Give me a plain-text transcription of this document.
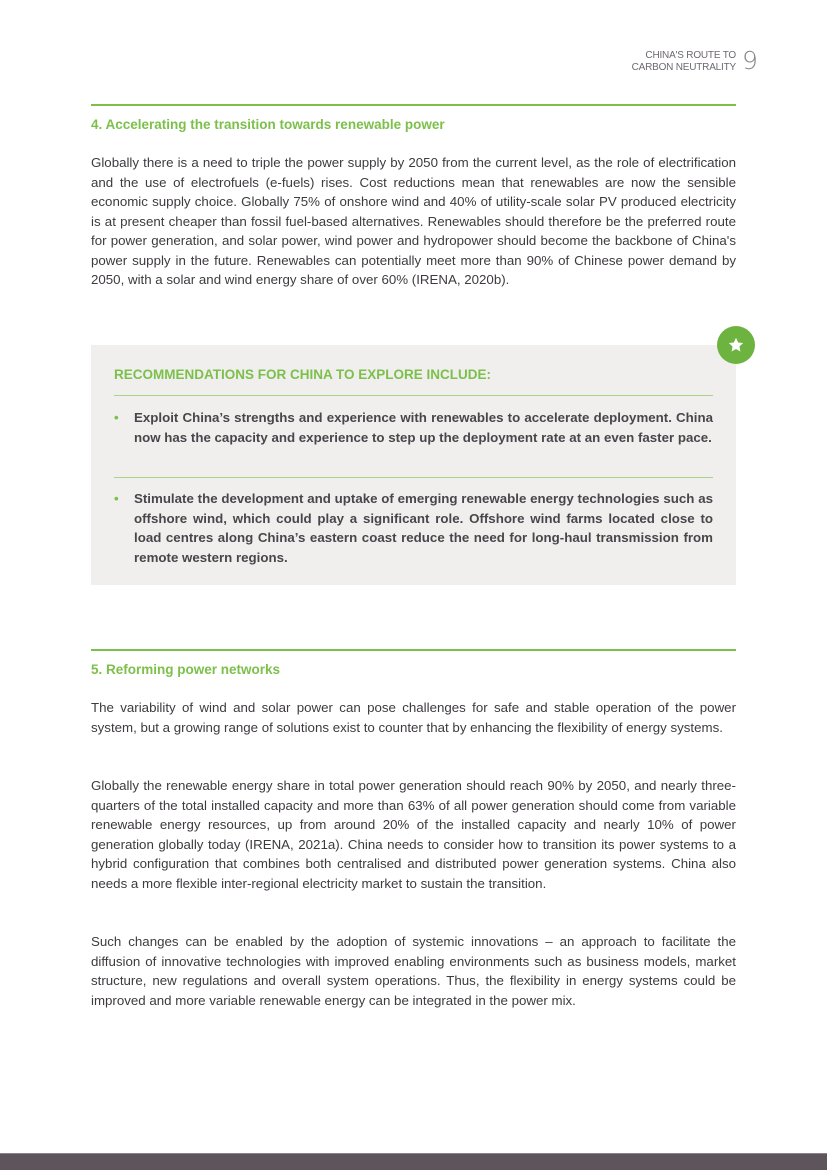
CHINA'S ROUTE TO
CARBON NEUTRALITY 9
4. Accelerating the transition towards renewable power

Globally there is a need to triple the power supply by 2050 from the current level, as the role of electrification and the use of electrofuels (e-fuels) rises. Cost reductions mean that renewables are now the sensible economic supply choice. Globally 75% of onshore wind and 40% of utility-scale solar PV produced electricity is at present cheaper than fossil fuel-based alternatives. Renewables should therefore be the preferred route for power generation, and solar power, wind power and hydropower should become the backbone of China's power supply in the future. Renewables can potentially meet more than 90% of Chinese power demand by 2050, with a solar and wind energy share of over 60% (IRENA, 2020b).

RECOMMENDATIONS FOR CHINA TO EXPLORE INCLUDE:
• Exploit China’s strengths and experience with renewables to accelerate deployment. China now has the capacity and experience to step up the deployment rate at an even faster pace.
• Stimulate the development and uptake of emerging renewable energy technologies such as offshore wind, which could play a significant role. Offshore wind farms located close to load centres along China’s eastern coast reduce the need for long-haul transmission from remote western regions.
5. Reforming power networks

The variability of wind and solar power can pose challenges for safe and stable operation of the power system, but a growing range of solutions exist to counter that by enhancing the flexibility of energy systems.

Globally the renewable energy share in total power generation should reach 90% by 2050, and nearly three-quarters of the total installed capacity and more than 63% of all power generation should come from variable renewable energy resources, up from around 20% of the installed capacity and nearly 10% of power generation globally today (IRENA, 2021a). China needs to consider how to transition its power systems to a hybrid configuration that combines both centralised and distributed power generation systems. China also needs a more flexible inter-regional electricity market to sustain the transition.

Such changes can be enabled by the adoption of systemic innovations – an approach to facilitate the diffusion of innovative technologies with improved enabling environments such as business models, market structure, new regulations and overall system operations. Thus, the flexibility in energy systems could be improved and more variable renewable energy can be integrated in the power mix.
